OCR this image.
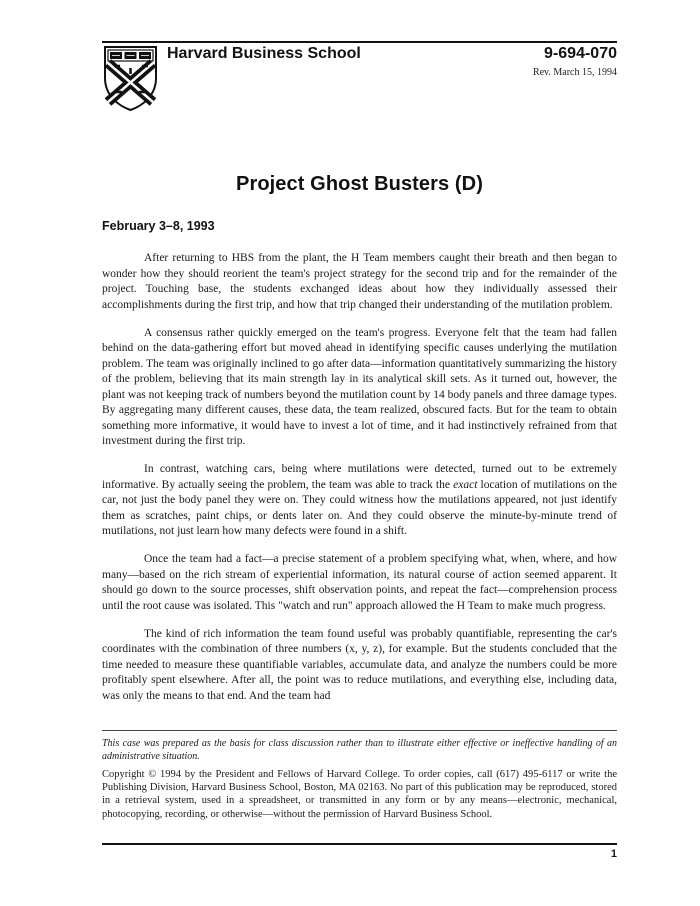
Harvard Business School	9-694-070
Rev. March 15, 1994
Project Ghost Busters (D)
February 3–8, 1993

After returning to HBS from the plant, the H Team members caught their breath and then began to wonder how they should reorient the team's project strategy for the second trip and for the remainder of the project. Touching base, the students exchanged ideas about how they individually assessed their accomplishments during the first trip, and how that trip changed their understanding of the mutilation problem.

A consensus rather quickly emerged on the team's progress. Everyone felt that the team had fallen behind on the data-gathering effort but moved ahead in identifying specific causes underlying the mutilation problem. The team was originally inclined to go after data—information quantitatively summarizing the history of the problem, believing that its main strength lay in its analytical skill sets. As it turned out, however, the plant was not keeping track of numbers beyond the mutilation count by 14 body panels and three damage types. By aggregating many different causes, these data, the team realized, obscured facts. But for the team to obtain something more informative, it would have to invest a lot of time, and it had instinctively refrained from that investment during the first trip.

In contrast, watching cars, being where mutilations were detected, turned out to be extremely informative. By actually seeing the problem, the team was able to track the exact location of mutilations on the car, not just the body panel they were on. They could witness how the mutilations appeared, not just identify them as scratches, paint chips, or dents later on. And they could observe the minute-by-minute trend of mutilations, not just learn how many defects were found in a shift.

Once the team had a fact—a precise statement of a problem specifying what, when, where, and how many—based on the rich stream of experiential information, its natural course of action seemed apparent. It should go down to the source processes, shift observation points, and repeat the fact—comprehension process until the root cause was isolated. This "watch and run" approach allowed the H Team to make much progress.

The kind of rich information the team found useful was probably quantifiable, representing the car's coordinates with the combination of three numbers (x, y, z), for example. But the students concluded that the time needed to measure these quantifiable variables, accumulate data, and analyze the numbers could be more profitably spent elsewhere. After all, the point was to reduce mutilations, and everything else, including data, was only the means to that end. And the team had

This case was prepared as the basis for class discussion rather than to illustrate either effective or ineffective handling of an administrative situation.

Copyright © 1994 by the President and Fellows of Harvard College. To order copies, call (617) 495-6117 or write the Publishing Division, Harvard Business School, Boston, MA 02163. No part of this publication may be reproduced, stored in a retrieval system, used in a spreadsheet, or transmitted in any form or by any means—electronic, mechanical, photocopying, recording, or otherwise—without the permission of Harvard Business School.

1
